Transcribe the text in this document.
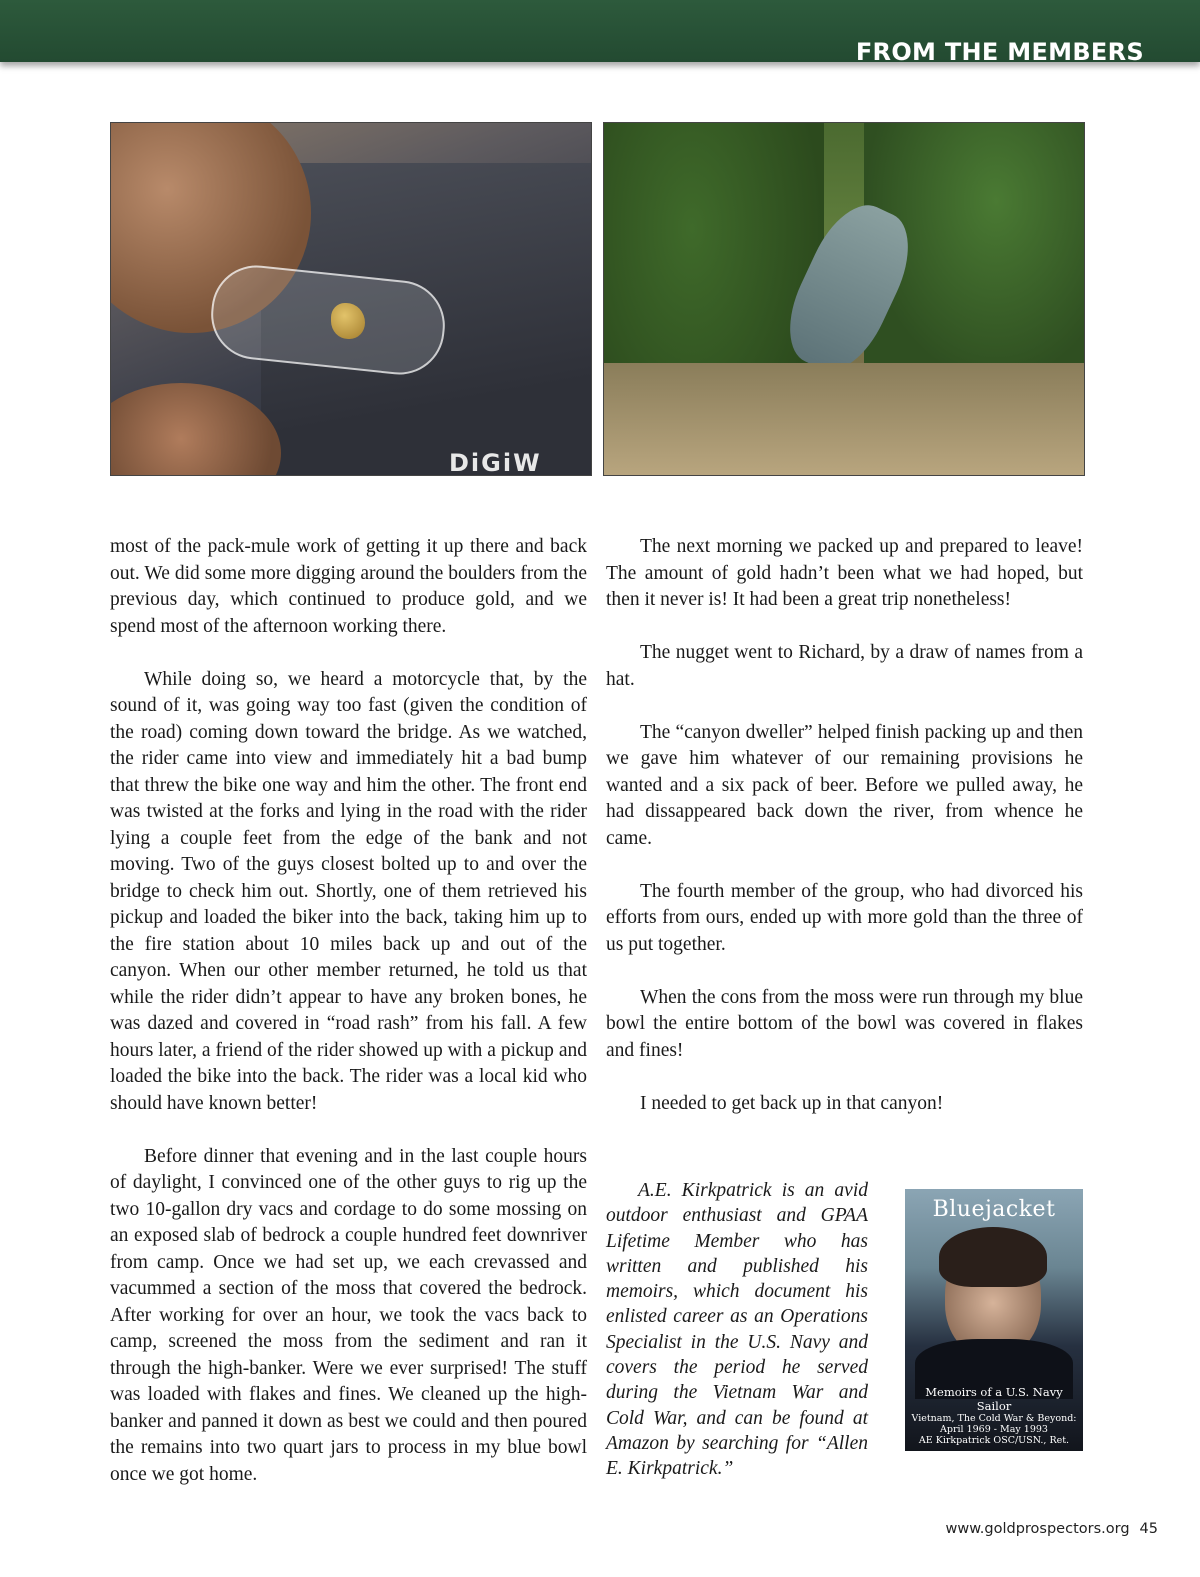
FROM THE MEMBERS
DiGiW

most of the pack-mule work of getting it up there and back out. We did some more digging around the boulders from the previous day, which continued to produce gold, and we spend most of the afternoon working there.

While doing so, we heard a motorcycle that, by the sound of it, was going way too fast (given the condition of the road) coming down toward the bridge. As we watched, the rider came into view and immediately hit a bad bump that threw the bike one way and him the other. The front end was twisted at the forks and lying in the road with the rider lying a couple feet from the edge of the bank and not moving. Two of the guys closest bolted up to and over the bridge to check him out. Shortly, one of them retrieved his pickup and loaded the biker into the back, taking him up to the fire station about 10 miles back up and out of the canyon. When our other member returned, he told us that while the rider didn’t appear to have any broken bones, he was dazed and covered in “road rash” from his fall. A few hours later, a friend of the rider showed up with a pickup and loaded the bike into the back. The rider was a local kid who should have known better!

Before dinner that evening and in the last couple hours of daylight, I convinced one of the other guys to rig up the two 10-gallon dry vacs and cordage to do some mossing on an exposed slab of bedrock a couple hundred feet downriver from camp. Once we had set up, we each crevassed and vacummed a section of the moss that covered the bedrock. After working for over an hour, we took the vacs back to camp, screened the moss from the sediment and ran it through the high-banker. Were we ever surprised! The stuff was loaded with flakes and fines. We cleaned up the high-banker and panned it down as best we could and then poured the remains into two quart jars to process in my blue bowl once we got home.

The next morning we packed up and prepared to leave! The amount of gold hadn’t been what we had hoped, but then it never is! It had been a great trip nonetheless!

The nugget went to Richard, by a draw of names from a hat.

The “canyon dweller” helped finish packing up and then we gave him whatever of our remaining provisions he wanted and a six pack of beer. Before we pulled away, he had dissappeared back down the river, from whence he came.

The fourth member of the group, who had divorced his efforts from ours, ended up with more gold than the three of us put together.

When the cons from the moss were run through my blue bowl the entire bottom of the bowl was covered in flakes and fines!

I needed to get back up in that canyon!

A.E. Kirkpatrick is an avid outdoor enthusiast and GPAA Lifetime Member who has written and published his memoirs, which document his enlisted career as an Operations Specialist in the U.S. Navy and covers the period he served during the Vietnam War and Cold War, and can be found at Amazon by searching for “Allen E. Kirkpatrick.”
Bluejacket
Memoirs of a U.S. Navy Sailor
Vietnam, The Cold War & Beyond:
April 1969 - May 1993
AE Kirkpatrick OSC/USN., Ret.
www.goldprospectors.org 45
